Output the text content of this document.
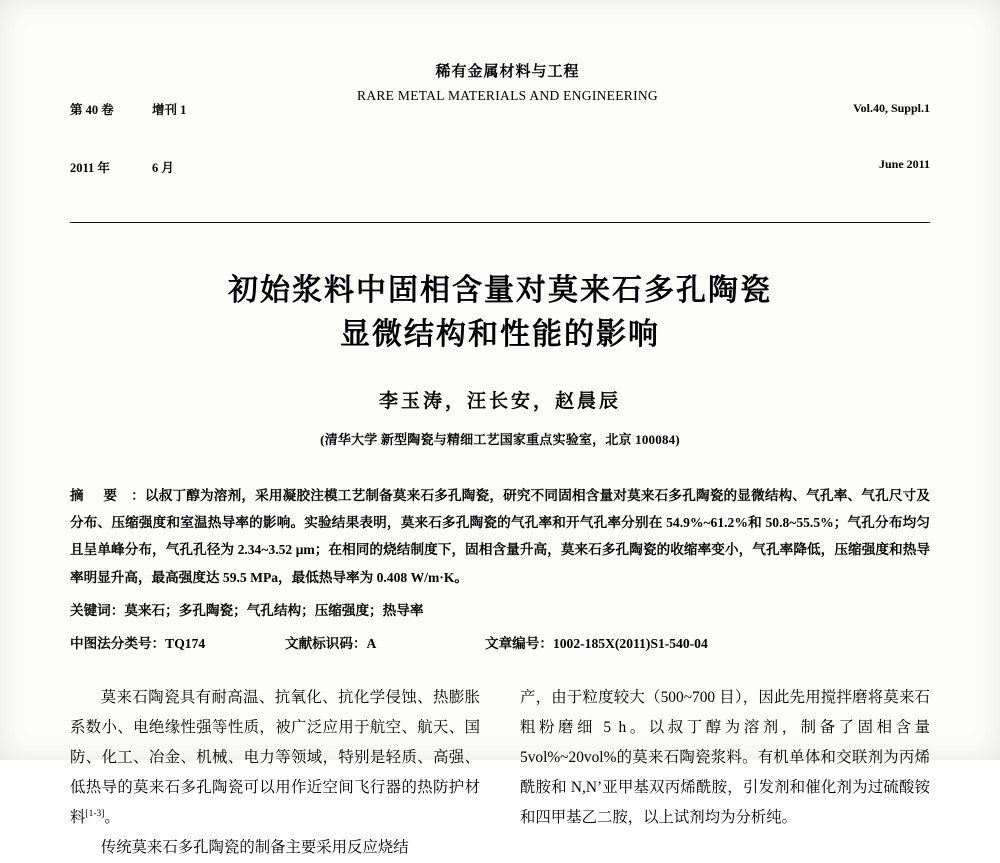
第 40 卷	增刊 1

2011 年	6 月

稀有金属材料与工程
RARE METAL MATERIALS AND ENGINEERING

Vol.40, Suppl.1

June 2011

初始浆料中固相含量对莫来石多孔陶瓷
显微结构和性能的影响
李玉涛，汪长安，赵晨辰
(清华大学 新型陶瓷与精细工艺国家重点实验室，北京 100084)

摘 要 ：以叔丁醇为溶剂，采用凝胶注模工艺制备莫来石多孔陶瓷，研究不同固相含量对莫来石多孔陶瓷的显微结构、气孔率、气孔尺寸及分布、压缩强度和室温热导率的影响。实验结果表明，莫来石多孔陶瓷的气孔率和开气孔率分别在 54.9%~61.2%和 50.8~55.5%；气孔分布均匀且呈单峰分布，气孔孔径为 2.34~3.52 μm；在相同的烧结制度下，固相含量升高，莫来石多孔陶瓷的收缩率变小，气孔率降低，压缩强度和热导率明显升高，最高强度达 59.5 MPa，最低热导率为 0.408 W/m·K。

关键词：莫来石；多孔陶瓷；气孔结构；压缩强度；热导率
中图法分类号：TQ174	文献标识码：A	文章编号：1002-185X(2011)S1-540-04

莫来石陶瓷具有耐高温、抗氧化、抗化学侵蚀、热膨胀系数小、电绝缘性强等性质，被广泛应用于航空、航天、国防、化工、冶金、机械、电力等领域，特别是轻质、高强、低热导的莫来石多孔陶瓷可以用作近空间飞行器的热防护材料[1-3]。

传统莫来石多孔陶瓷的制备主要采用反应烧结

产，由于粒度较大（500~700 目），因此先用搅拌磨将莫来石粗粉磨细 5 h。以叔丁醇为溶剂，制备了固相含量 5vol%~20vol%的莫来石陶瓷浆料。有机单体和交联剂为丙烯酰胺和 N,N’亚甲基双丙烯酰胺，引发剂和催化剂为过硫酸铵和四甲基乙二胺，以上试剂均为分析纯。
